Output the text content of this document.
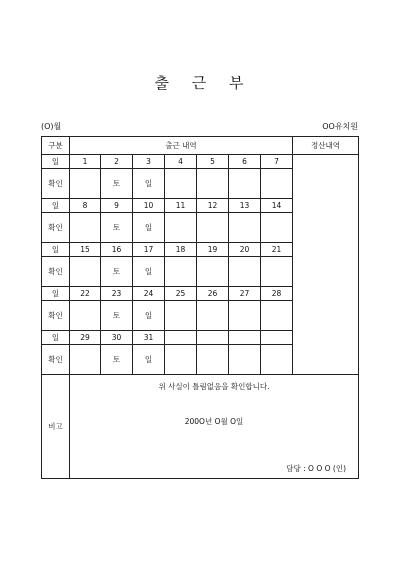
출 근 부
(O)월	OO유치원
구분	출근 내역							정산내역
일	1	2	3	4	5	6	7	
확인		토	일					
일	8	9	10	11	12	13	14	
확인		토	일					
일	15	16	17	18	19	20	21	
확인		토	일					
일	22	23	24	25	26	27	28	
확인		토	일					
일	29	30	31					
확인		토	일					
비고	위 사실이 틀림없음을 확인합니다.
200O년 O월 O일
담당 : O O O (인)							
